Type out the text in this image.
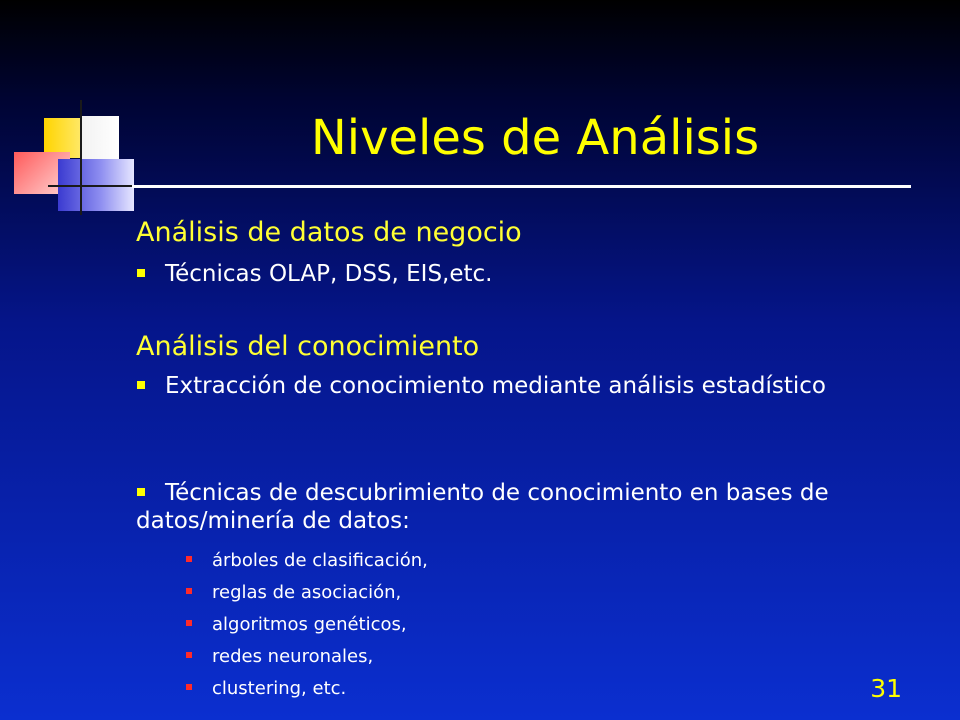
Niveles de Análisis
Análisis de datos de negocio
Técnicas OLAP, DSS, EIS,etc.
Análisis del conocimiento
Extracción de conocimiento mediante análisis estadístico
Técnicas de descubrimiento de conocimiento en bases de datos/minería de datos:
árboles de clasificación,
reglas de asociación,
algoritmos genéticos,
redes neuronales,
clustering, etc.	31
